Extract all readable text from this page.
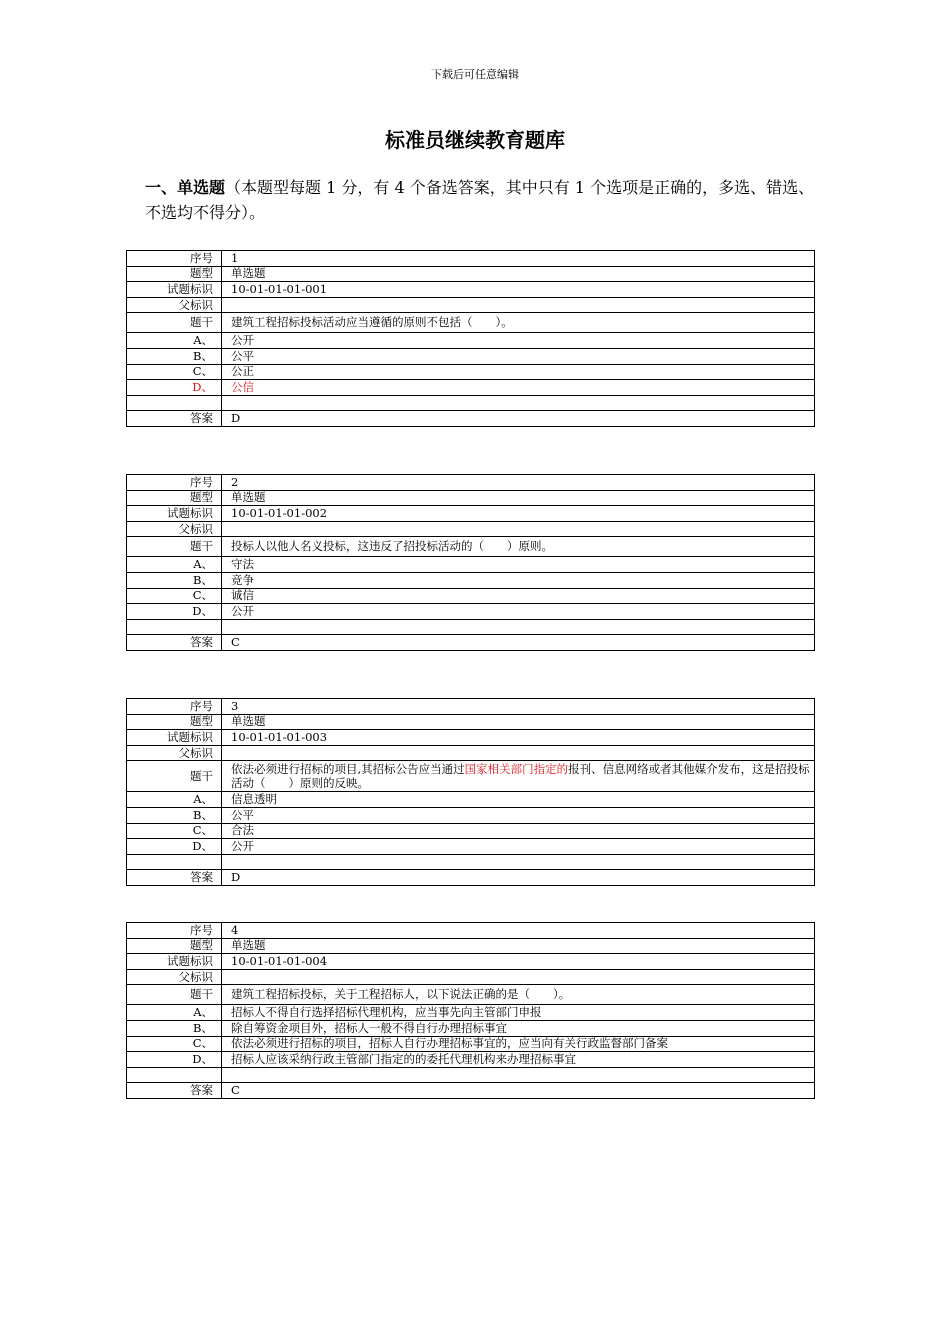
下载后可任意编辑
标准员继续教育题库
一、单选题（本题型每题 1 分，有 4 个备选答案，其中只有 1 个选项是正确的，多选、错选、不选均不得分）。
序号	1
题型	单选题
试题标识	10-01-01-01-001
父标识	
题干	建筑工程招标投标活动应当遵循的原则不包括（　　）。
A、	公开
B、	公平
C、	公正
D、	公信

答案	D
序号	2
题型	单选题
试题标识	10-01-01-01-002
父标识	
题干	投标人以他人名义投标，这违反了招投标活动的（　　）原则。
A、	守法
B、	竞争
C、	诚信
D、	公开

答案	C
序号	3
题型	单选题
试题标识	10-01-01-01-003
父标识	
题干	依法必须进行招标的项目,其招标公告应当通过国家相关部门指定的报刊、信息网络或者其他媒介发布，这是招投标活动（　　）原则的反映。
A、	信息透明
B、	公平
C、	合法
D、	公开

答案	D
序号	4
题型	单选题
试题标识	10-01-01-01-004
父标识	
题干	建筑工程招标投标，关于工程招标人，以下说法正确的是（　　）。
A、	招标人不得自行选择招标代理机构，应当事先向主管部门申报
B、	除自筹资金项目外，招标人一般不得自行办理招标事宜
C、	依法必须进行招标的项目，招标人自行办理招标事宜的，应当向有关行政监督部门备案
D、	招标人应该采纳行政主管部门指定的的委托代理机构来办理招标事宜

答案	C
